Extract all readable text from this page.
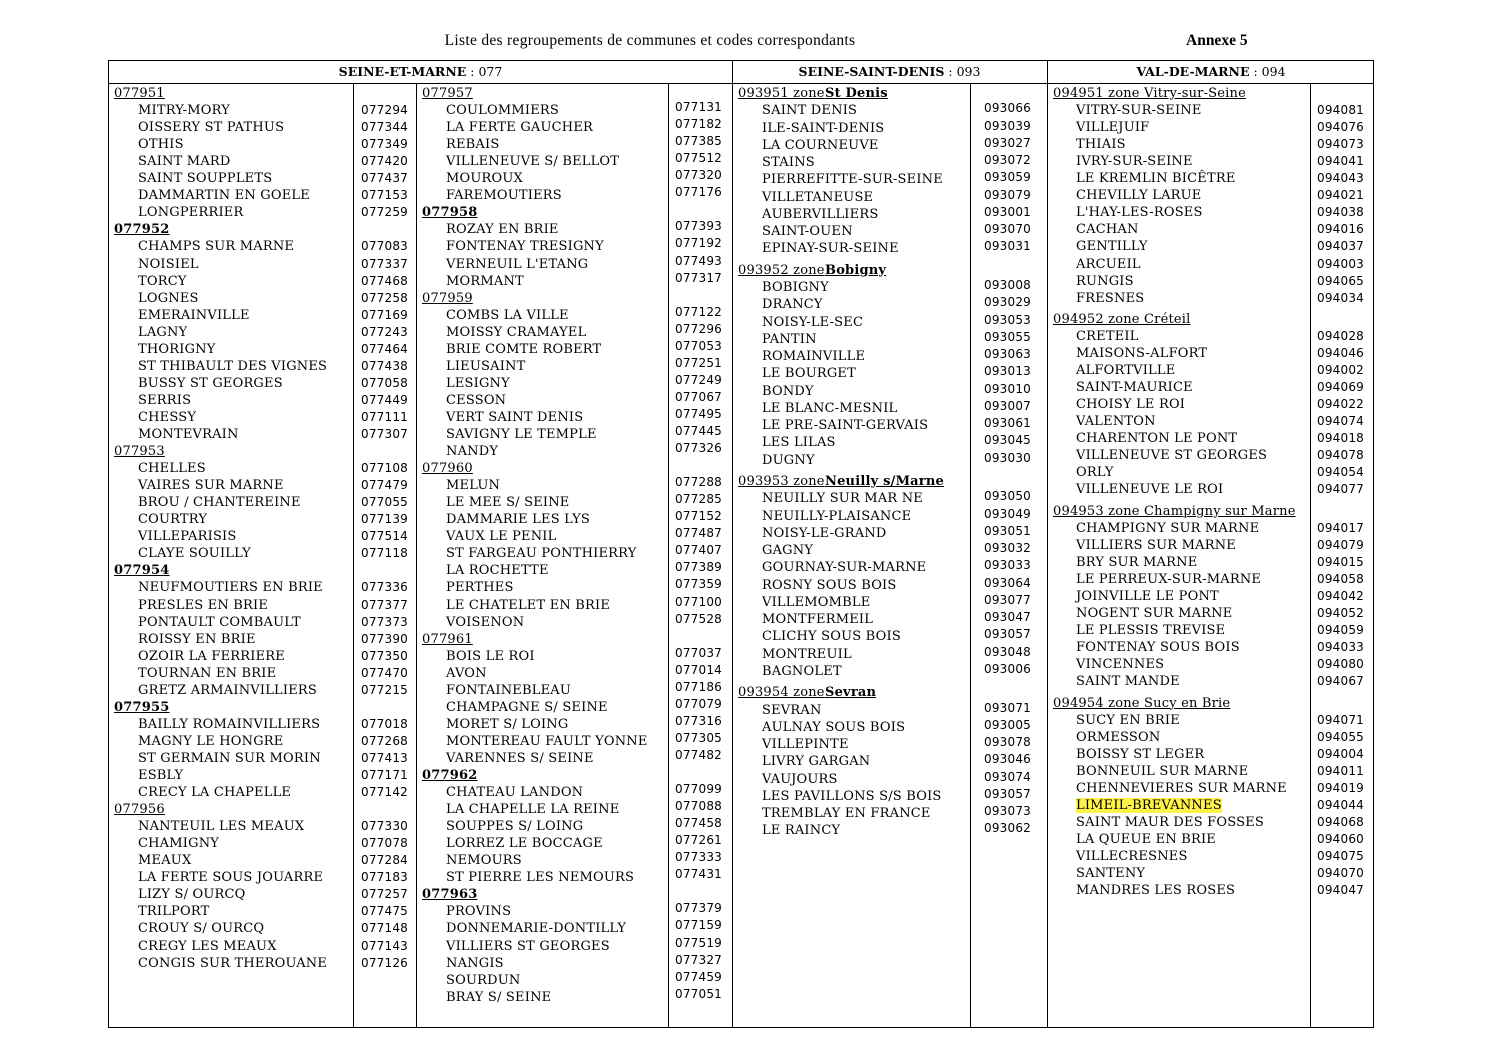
Liste des regroupements de communes et codes correspondants	Annexe 5
SEINE-ET-MARNE : 077	SEINE-SAINT-DENIS : 093	VAL-DE-MARNE : 094
077951
MITRY-MORY	077294
OISSERY ST PATHUS	077344
OTHIS	077349
SAINT MARD	077420
SAINT SOUPPLETS	077437
DAMMARTIN EN GOELE	077153
LONGPERRIER	077259
077952
CHAMPS SUR MARNE	077083
NOISIEL	077337
TORCY	077468
LOGNES	077258
EMERAINVILLE	077169
LAGNY	077243
THORIGNY	077464
ST THIBAULT DES VIGNES	077438
BUSSY ST GEORGES	077058
SERRIS	077449
CHESSY	077111
MONTEVRAIN	077307
077953
CHELLES	077108
VAIRES SUR MARNE	077479
BROU / CHANTEREINE	077055
COURTRY	077139
VILLEPARISIS	077514
CLAYE SOUILLY	077118
077954
NEUFMOUTIERS EN BRIE	077336
PRESLES EN BRIE	077377
PONTAULT COMBAULT	077373
ROISSY EN BRIE	077390
OZOIR LA FERRIERE	077350
TOURNAN EN BRIE	077470
GRETZ ARMAINVILLIERS	077215
077955
BAILLY ROMAINVILLIERS	077018
MAGNY LE HONGRE	077268
ST GERMAIN SUR MORIN	077413
ESBLY	077171
CRECY LA CHAPELLE	077142
077956
NANTEUIL LES MEAUX	077330
CHAMIGNY	077078
MEAUX	077284
LA FERTE SOUS JOUARRE	077183
LIZY S/ OURCQ	077257
TRILPORT	077475
CROUY S/ OURCQ	077148
CREGY LES MEAUX	077143
CONGIS SUR THEROUANE	077126
077957
COULOMMIERS	077131
LA FERTE GAUCHER	077182
REBAIS	077385
VILLENEUVE S/ BELLOT	077512
MOUROUX	077320
FAREMOUTIERS	077176
077958
ROZAY EN BRIE	077393
FONTENAY TRESIGNY	077192
VERNEUIL L'ETANG	077493
MORMANT	077317
077959
COMBS LA VILLE	077122
MOISSY CRAMAYEL	077296
BRIE COMTE ROBERT	077053
LIEUSAINT	077251
LESIGNY	077249
CESSON	077067
VERT SAINT DENIS	077495
SAVIGNY LE TEMPLE	077445
NANDY	077326
077960
MELUN	077288
LE MEE S/ SEINE	077285
DAMMARIE LES LYS	077152
VAUX LE PENIL	077487
ST FARGEAU PONTHIERRY	077407
LA ROCHETTE	077389
PERTHES	077359
LE CHATELET EN BRIE	077100
VOISENON	077528
077961
BOIS LE ROI	077037
AVON	077014
FONTAINEBLEAU	077186
CHAMPAGNE S/ SEINE	077079
MORET S/ LOING	077316
MONTEREAU FAULT YONNE 077305
VARENNES S/ SEINE	077482
077962
CHATEAU LANDON	077099
LA CHAPELLE LA REINE	077088
SOUPPES S/ LOING	077458
LORREZ LE BOCCAGE	077261
NEMOURS	077333
ST PIERRE LES NEMOURS	077431
077963
PROVINS	077379
DONNEMARIE-DONTILLY	077159
VILLIERS ST GEORGES	077519
NANGIS	077327
SOURDUN	077459
BRAY S/ SEINE	077051
093951 zone St Denis
SAINT DENIS	093066
ILE-SAINT-DENIS	093039
LA COURNEUVE	093027
STAINS	093072
PIERREFITTE-SUR-SEINE	093059
VILLETANEUSE	093079
AUBERVILLIERS	093001
SAINT-OUEN	093070
EPINAY-SUR-SEINE	093031
093952 zone Bobigny
BOBIGNY	093008
DRANCY	093029
NOISY-LE-SEC	093053
PANTIN	093055
ROMAINVILLE	093063
LE BOURGET	093013
BONDY	093010
LE BLANC-MESNIL	093007
LE PRE-SAINT-GERVAIS	093061
LES LILAS	093045
DUGNY	093030
093953 zone Neuilly s/Marne
NEUILLY SUR MAR NE	093050
NEUILLY-PLAISANCE	093049
NOISY-LE-GRAND	093051
GAGNY	093032
GOURNAY-SUR-MARNE	093033
ROSNY SOUS BOIS	093064
VILLEMOMBLE	093077
MONTFERMEIL	093047
CLICHY SOUS BOIS	093057
MONTREUIL	093048
BAGNOLET	093006
093954 zone Sevran
SEVRAN	093071
AULNAY SOUS BOIS	093005
VILLEPINTE	093078
LIVRY GARGAN	093046
VAUJOURS	093074
LES PAVILLONS S/S BOIS	093057
TREMBLAY EN FRANCE	093073
LE RAINCY	093062
094951 zone Vitry-sur-Seine
VITRY-SUR-SEINE	094081
VILLEJUIF	094076
THIAIS	094073
IVRY-SUR-SEINE	094041
LE KREMLIN BICÊTRE	094043
CHEVILLY LARUE	094021
L'HAY-LES-ROSES	094038
CACHAN	094016
GENTILLY	094037
ARCUEIL	094003
RUNGIS	094065
FRESNES	094034
094952 zone Créteil
CRETEIL	094028
MAISONS-ALFORT	094046
ALFORTVILLE	094002
SAINT-MAURICE	094069
CHOISY LE ROI	094022
VALENTON	094074
CHARENTON LE PONT	094018
VILLENEUVE ST GEORGES	094078
ORLY	094054
VILLENEUVE LE ROI	094077
094953 zone Champigny sur Marne
CHAMPIGNY SUR MARNE	094017
VILLIERS SUR MARNE	094079
BRY SUR MARNE	094015
LE PERREUX-SUR-MARNE	094058
JOINVILLE LE PONT	094042
NOGENT SUR MARNE	094052
LE PLESSIS TREVISE	094059
FONTENAY SOUS BOIS	094033
VINCENNES	094080
SAINT MANDE	094067
094954 zone Sucy en Brie
SUCY EN BRIE	094071
ORMESSON	094055
BOISSY ST LEGER	094004
BONNEUIL SUR MARNE	094011
CHENNEVIERES SUR MARNE	094019
LIMEIL-BREVANNES	094044
SAINT MAUR DES FOSSES	094068
LA QUEUE EN BRIE	094060
VILLECRESNES	094075
SANTENY	094070
MANDRES LES ROSES	094047
